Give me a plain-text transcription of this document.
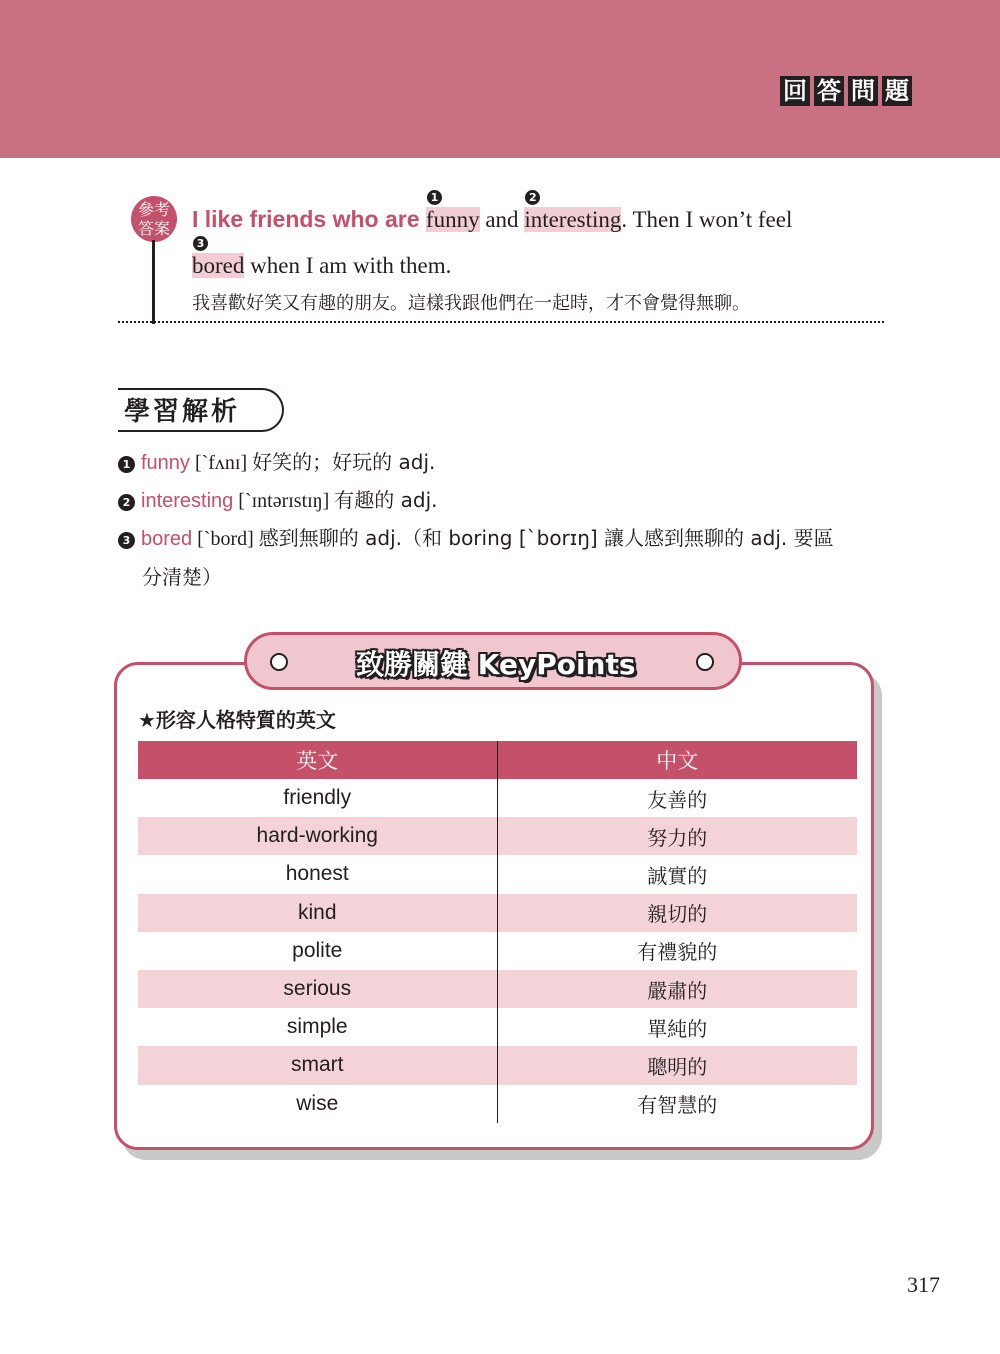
回 答 問 題
參考
答案 I like friends who are
1
funny and
2
interesting. Then I won’t feel
3
bored when I am with them.
我喜歡好笑又有趣的朋友。這樣我跟他們在一起時，才不會覺得無聊。
學習解析
1 funny [ˋfʌnɪ] 好笑的；好玩的 adj.
2 interesting [ˋɪntərɪstɪŋ] 有趣的 adj.
3 bored [ˋbord] 感到無聊的 adj.（和 boring [ˋborɪŋ] 讓人感到無聊的 adj. 要區
分清楚）
致勝關鍵 KeyPoints
★形容人格特質的英文
英文	中文
friendly	友善的
hard-working	努力的
honest	誠實的
kind	親切的
polite	有禮貌的
serious	嚴肅的
simple	單純的
smart	聰明的
wise	有智慧的
317
